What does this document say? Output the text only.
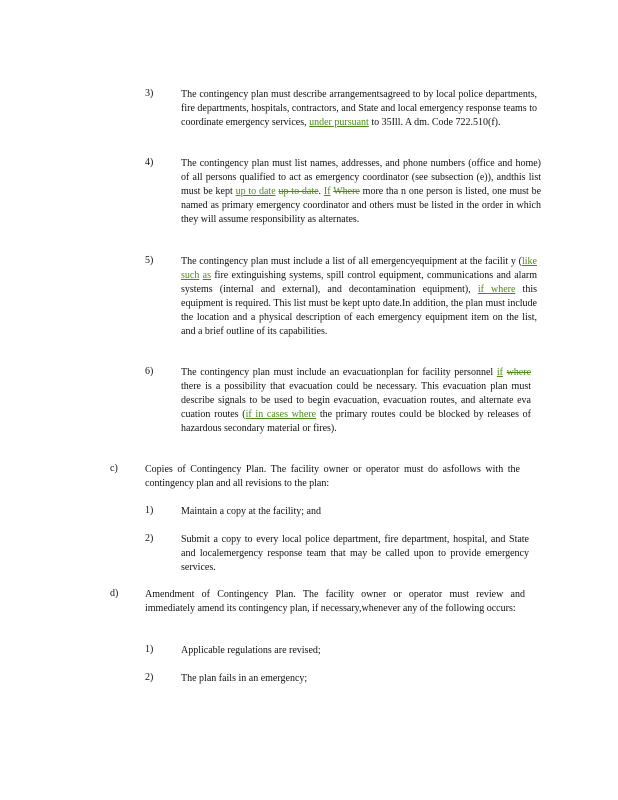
3)	The contingency plan must describe arrangementsagreed to by local police departments, fire departments, hospitals, contractors, and State and local emergency response teams to coordinate emergency services, under pursuant to 35Ill. A dm. Code 722.510(f).
4)	The contingency plan must list names, addresses, and phone numbers (office and home) of all persons qualified to act as emergency coordinator (see subsection (e)), andthis list must be kept up to date up to date. If Where more tha n one person is listed, one must be named as primary emergency coordinator and others must be listed in the order in which they will assume responsibility as alternates.
5)	The contingency plan must include a list of all emergencyequipment at the facilit y (like such as fire extinguishing systems, spill control equipment, communications and alarm systems (internal and external), and decontamination equipment), if where this equipment is required. This list must be kept upto date.In addition, the plan must include the location and a physical description of each emergency equipment item on the list, and a brief outline of its capabilities.
6)	The contingency plan must include an evacuationplan for facility personnel if where there is a possibility that evacuation could be necessary. This evacuation plan must describe signals to be used to begin evacuation, evacuation routes, and alternate eva cuation routes (if in cases where the primary routes could be blocked by releases of hazardous secondary material or fires).
c)	Copies of Contingency Plan. The facility owner or operator must do asfollows with the contingency plan and all revisions to the plan:
1)	Maintain a copy at the facility; and
2)	Submit a copy to every local police department, fire department, hospital, and State and localemergency response team that may be called upon to provide emergency services.
d)	Amendment of Contingency Plan. The facility owner or operator must review and immediately amend its contingency plan, if necessary,whenever any of the following occurs:
1)	Applicable regulations are revised;
2)	The plan fails in an emergency;
